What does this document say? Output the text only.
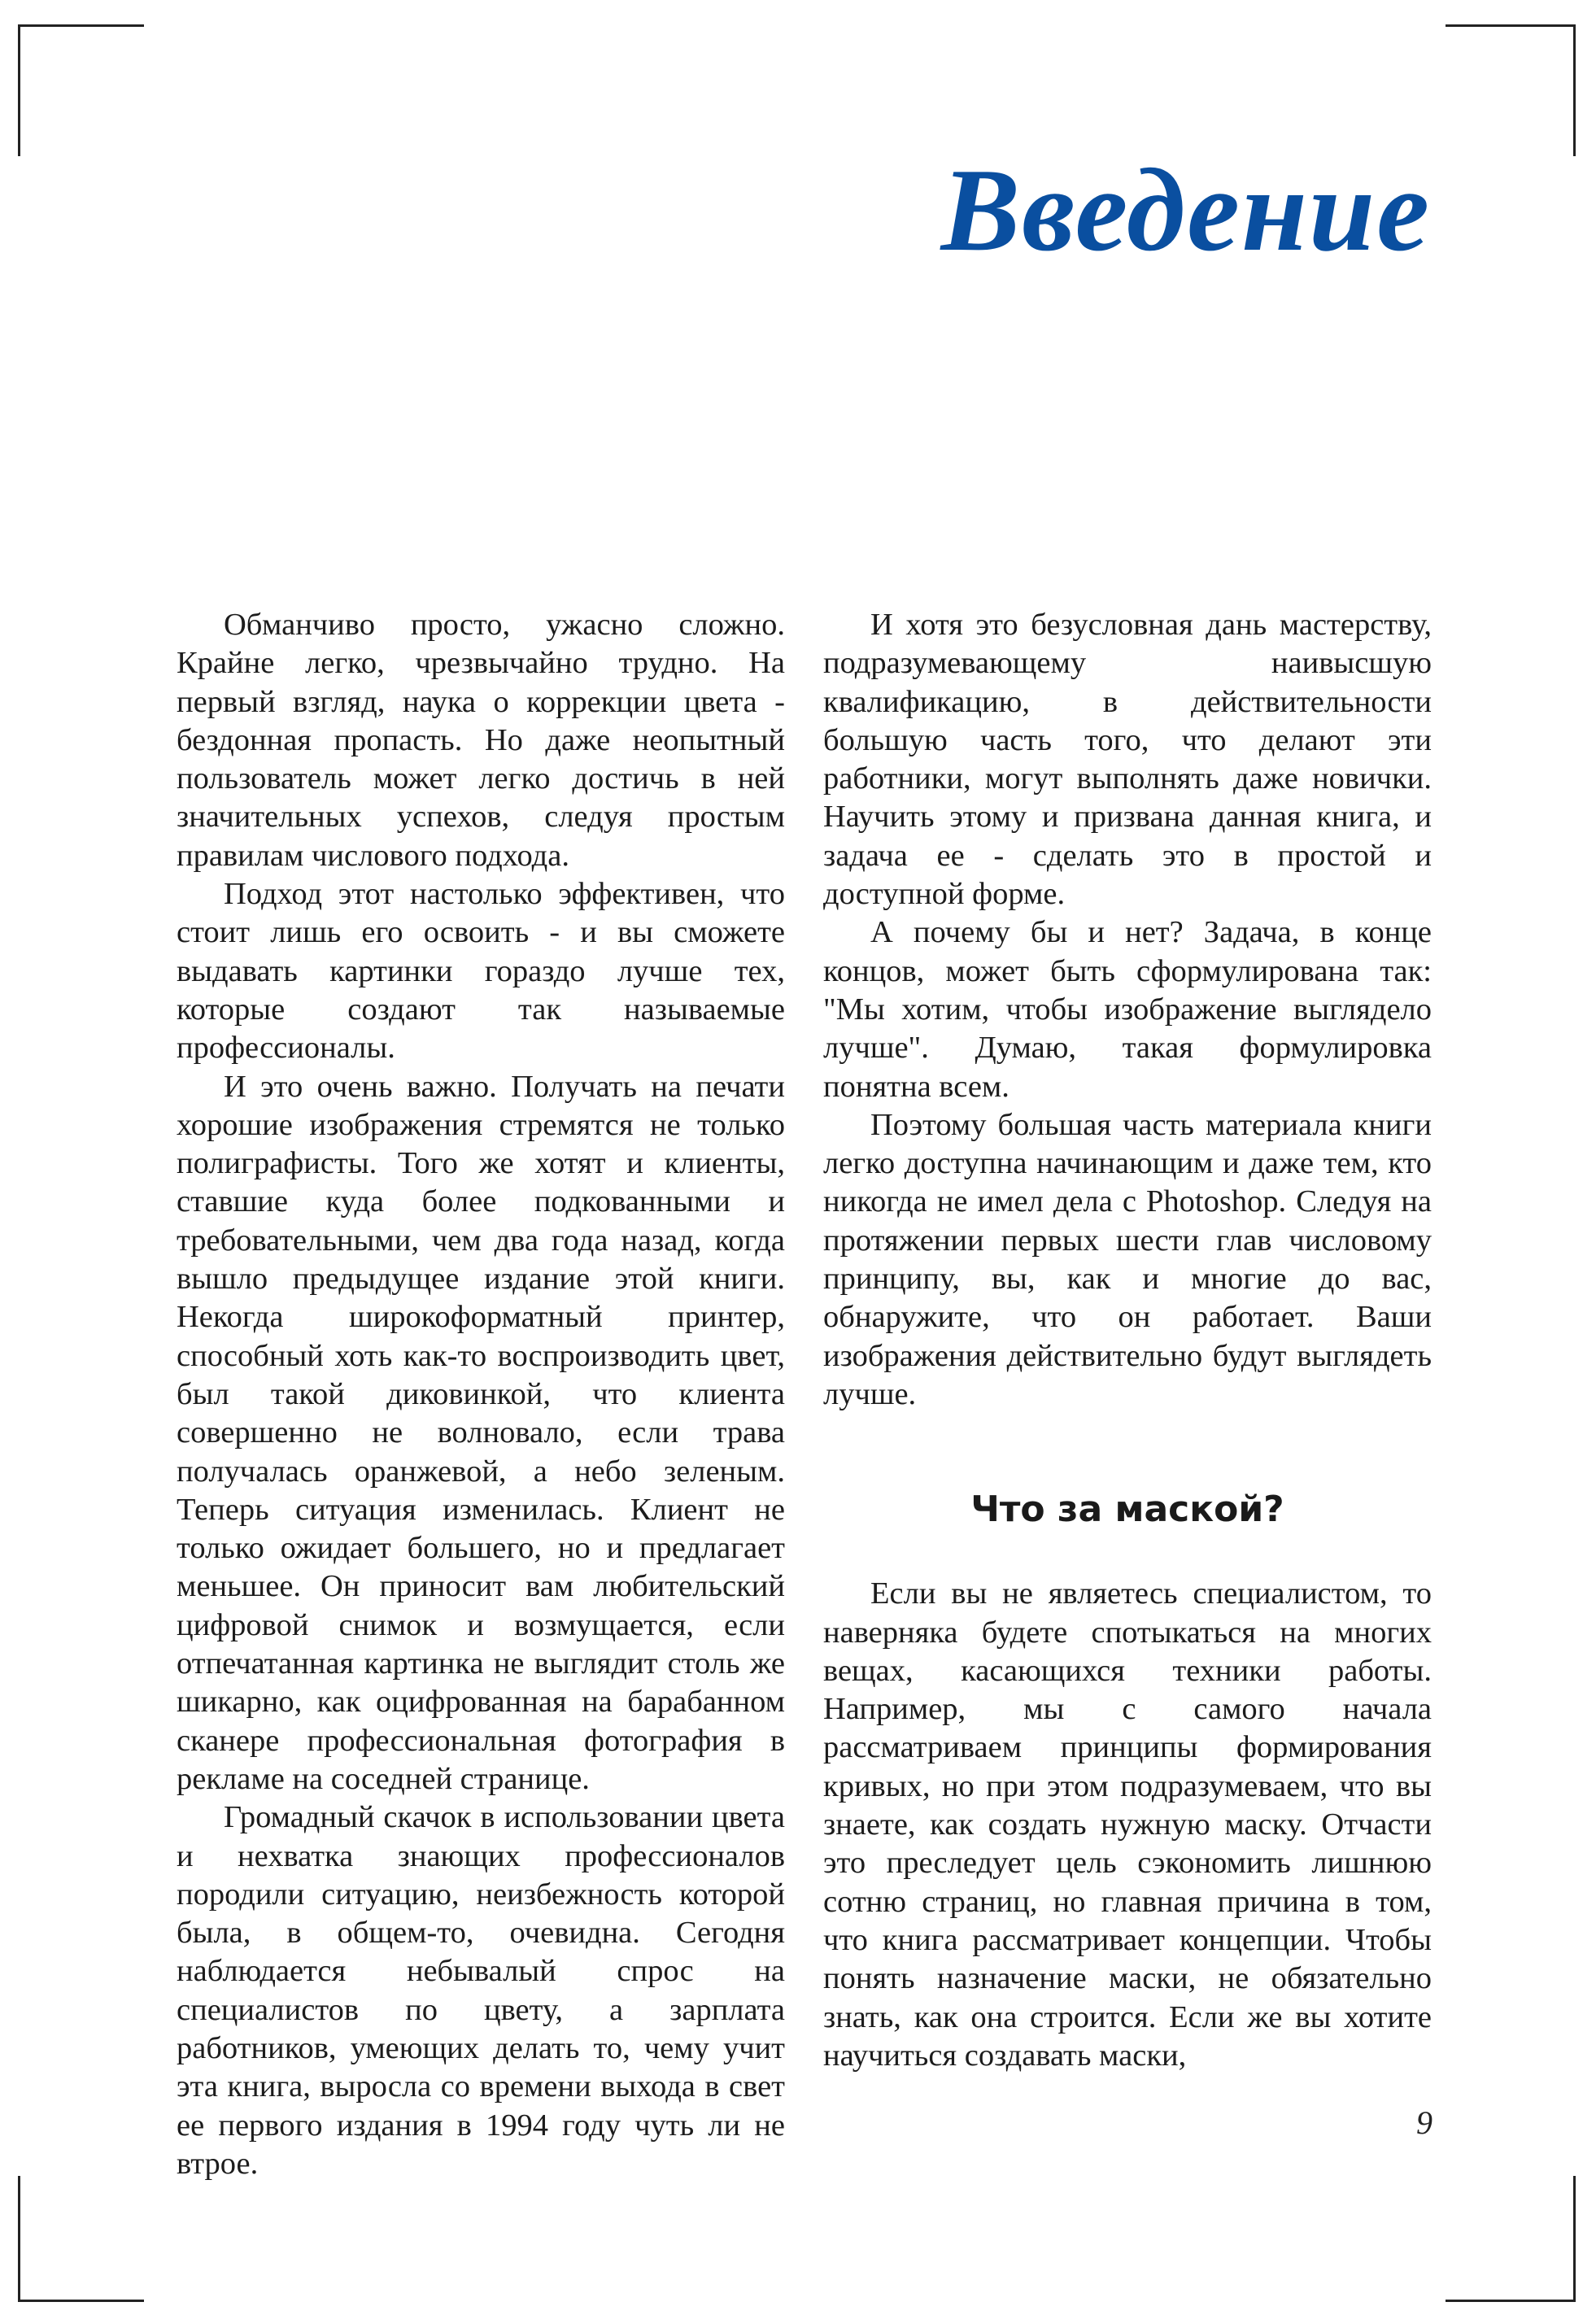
Введение

Обманчиво просто, ужасно сложно. Крайне легко, чрезвычайно трудно. На первый взгляд, наука о коррекции цвета - бездонная пропасть. Но даже неопытный пользователь может легко достичь в ней значительных успехов, следуя простым правилам числового подхода.

Подход этот настолько эффективен, что стоит лишь его освоить - и вы сможете выдавать картинки гораздо лучше тех, которые создают так называемые профессионалы.

И это очень важно. Получать на печати хорошие изображения стремятся не только полиграфисты. Того же хотят и клиенты, ставшие куда более подкованными и требовательными, чем два года назад, когда вышло предыдущее издание этой книги. Некогда широкоформатный принтер, способный хоть как-то воспроизводить цвет, был такой диковинкой, что клиента совершенно не волновало, если трава получалась оранжевой, а небо зеленым. Теперь ситуация изменилась. Клиент не только ожидает большего, но и предлагает меньшее. Он приносит вам любительский цифровой снимок и возмущается, если отпечатанная картинка не выглядит столь же шикарно, как оцифрованная на барабанном сканере профессиональная фотография в рекламе на соседней странице.

Громадный скачок в использовании цвета и нехватка знающих профессионалов породили ситуацию, неизбежность которой была, в общем-то, очевидна. Сегодня наблюдается небывалый спрос на специалистов по цвету, а зарплата работников, умеющих делать то, чему учит эта книга, выросла со времени выхода в свет ее первого издания в 1994 году чуть ли не втрое.

И хотя это безусловная дань мастерству, подразумевающему наивысшую квалификацию, в действительности большую часть того, что делают эти работники, могут выполнять даже новички. Научить этому и призвана данная книга, и задача ее - сделать это в простой и доступной форме.

А почему бы и нет? Задача, в конце концов, может быть сформулирована так: "Мы хотим, чтобы изображение выглядело лучше". Думаю, такая формулировка понятна всем.

Поэтому большая часть материала книги легко доступна начинающим и даже тем, кто никогда не имел дела с Photoshop. Следуя на протяжении первых шести глав числовому принципу, вы, как и многие до вас, обнаружите, что он работает. Ваши изображения действительно будут выглядеть лучше.

Что за маской?

Если вы не являетесь специалистом, то наверняка будете спотыкаться на многих вещах, касающихся техники работы. Например, мы с самого начала рассматриваем принципы формирования кривых, но при этом подразумеваем, что вы знаете, как создать нужную маску. Отчасти это преследует цель сэкономить лишнюю сотню страниц, но главная причина в том, что книга рассматривает концепции. Чтобы понять назначение маски, не обязательно знать, как она строится. Если же вы хотите научиться создавать маски,

9
